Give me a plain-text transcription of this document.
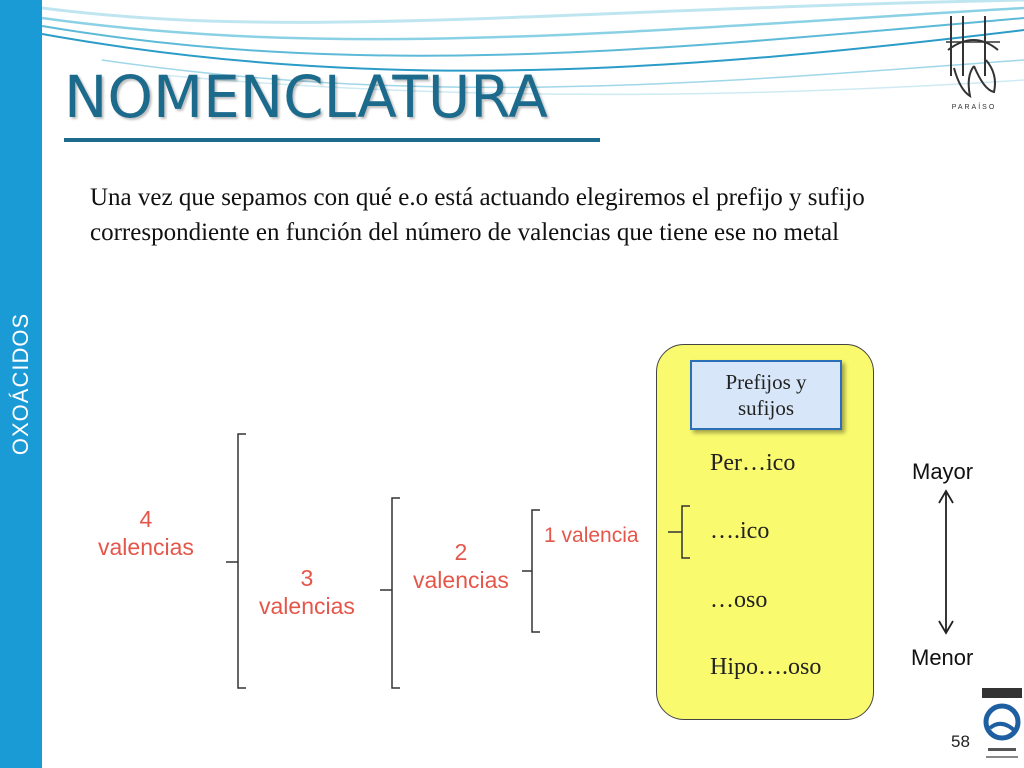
OXOÁCIDOS
NOMENCLATURA	PARAÍSO

Una vez que sepamos con qué e.o está actuando elegiremos el prefijo y sufijo correspondiente en función del número de valencias que tiene ese no metal

Prefijos y sufijos
Per…ico
….ico
…oso
Hipo….oso
4
valencias
3
valencias
2
valencias
1 valencia
Mayor
Menor
58
